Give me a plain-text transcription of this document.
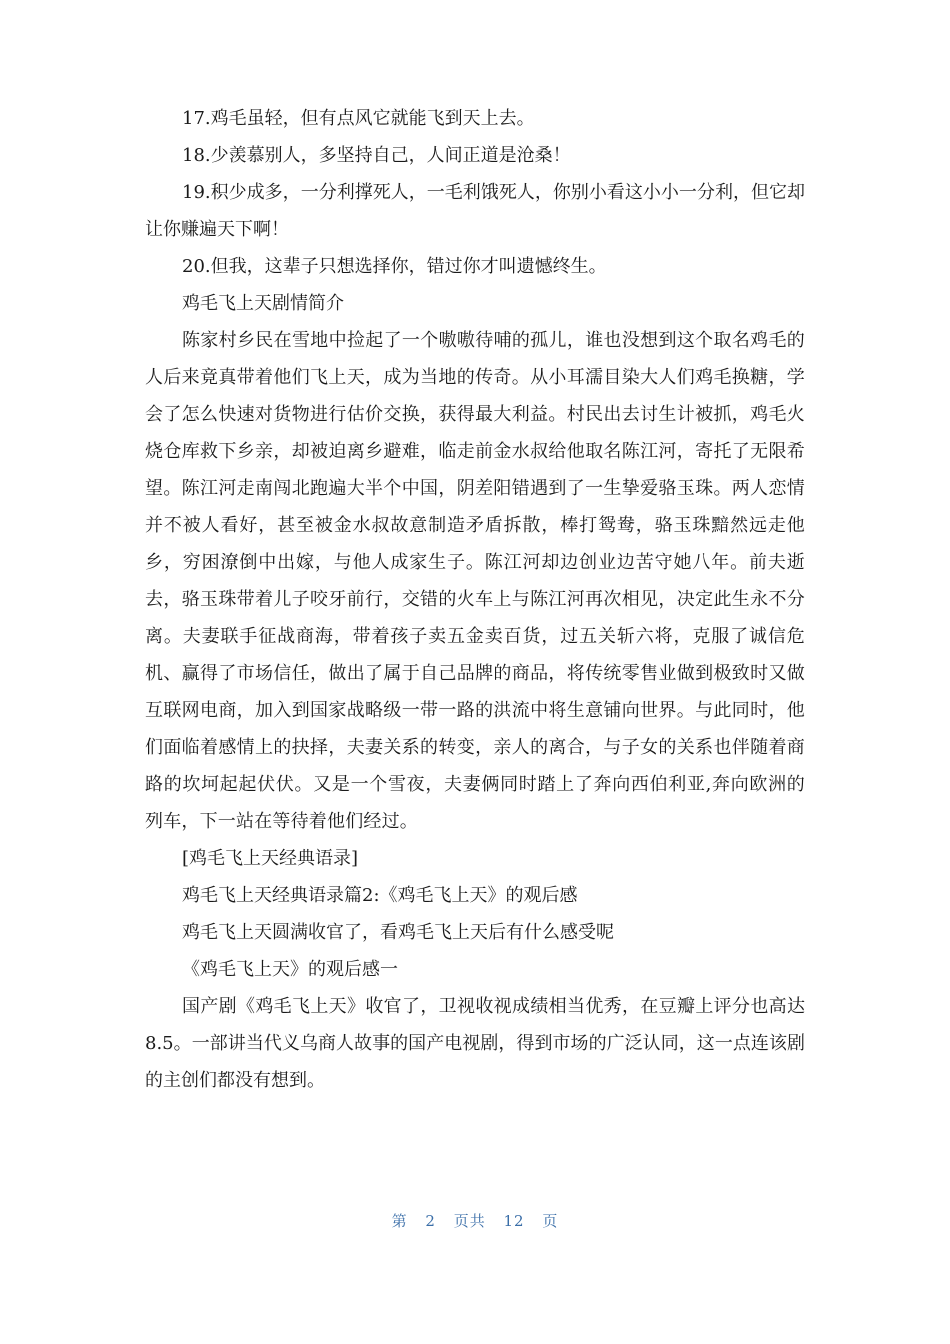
17.鸡毛虽轻，但有点风它就能飞到天上去。

18.少羡慕别人，多坚持自己，人间正道是沧桑！

19.积少成多，一分利撑死人，一毛利饿死人，你别小看这小小一分利，但它却让你赚遍天下啊！

20.但我，这辈子只想选择你，错过你才叫遗憾终生。

鸡毛飞上天剧情简介

陈家村乡民在雪地中捡起了一个嗷嗷待哺的孤儿，谁也没想到这个取名鸡毛的人后来竟真带着他们飞上天，成为当地的传奇。从小耳濡目染大人们鸡毛换糖，学会了怎么快速对货物进行估价交换，获得最大利益。村民出去讨生计被抓，鸡毛火烧仓库救下乡亲，却被迫离乡避难，临走前金水叔给他取名陈江河，寄托了无限希望。陈江河走南闯北跑遍大半个中国，阴差阳错遇到了一生挚爱骆玉珠。两人恋情并不被人看好，甚至被金水叔故意制造矛盾拆散，棒打鸳鸯，骆玉珠黯然远走他乡，穷困潦倒中出嫁，与他人成家生子。陈江河却边创业边苦守她八年。前夫逝去，骆玉珠带着儿子咬牙前行，交错的火车上与陈江河再次相见，决定此生永不分离。夫妻联手征战商海，带着孩子卖五金卖百货，过五关斩六将，克服了诚信危机、赢得了市场信任，做出了属于自己品牌的商品，将传统零售业做到极致时又做互联网电商，加入到国家战略级一带一路的洪流中将生意铺向世界。与此同时，他们面临着感情上的抉择，夫妻关系的转变，亲人的离合，与子女的关系也伴随着商路的坎坷起起伏伏。又是一个雪夜，夫妻俩同时踏上了奔向西伯利亚,奔向欧洲的列车，下一站在等待着他们经过。

[鸡毛飞上天经典语录]

鸡毛飞上天经典语录篇2:《鸡毛飞上天》的观后感

鸡毛飞上天圆满收官了，看鸡毛飞上天后有什么感受呢

《鸡毛飞上天》的观后感一

国产剧《鸡毛飞上天》收官了，卫视收视成绩相当优秀，在豆瓣上评分也高达8.5。一部讲当代义乌商人故事的国产电视剧，得到市场的广泛认同，这一点连该剧的主创们都没有想到。

第 2 页共 12 页
